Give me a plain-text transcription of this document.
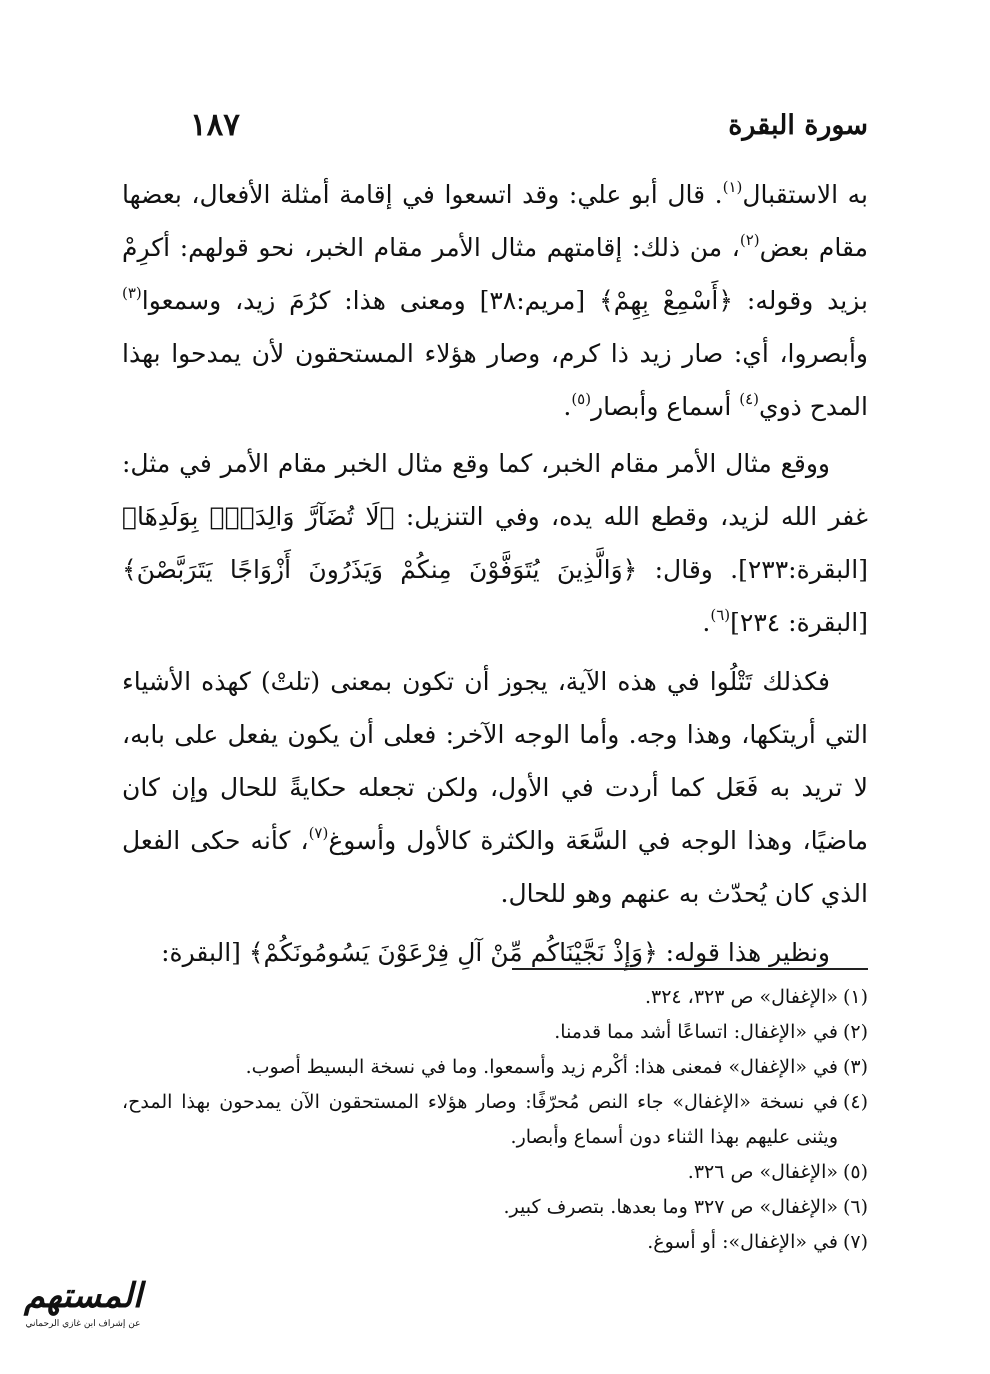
سورة البقرة
١٨٧

به الاستقبال$^{(١)}$. قال أبو علي: وقد اتسعوا في إقامة أمثلة الأفعال، بعضها مقام بعض$^{(٢)}$، من ذلك: إقامتهم مثال الأمر مقام الخبر، نحو قولهم: أكرِمْ بزيد وقوله: ﴿أَسْمِعْ بِهِمْ﴾ [مريم:٣٨] ومعنى هذا: كرُمَ زيد، وسمعوا$^{(٣)}$ وأبصروا، أي: صار زيد ذا كرم، وصار هؤلاء المستحقون لأن يمدحوا بهذا المدح ذوي$^{(٤)}$ أسماع وأبصار$^{(٥)}$.

ووقع مثال الأمر مقام الخبر، كما وقع مثال الخبر مقام الأمر في مثل: غفر الله لزيد، وقطع الله يده، وفي التنزيل: ﴿لَا تُضَآرَّ وَالِدَةٌۢ بِوَلَدِهَا﴾ [البقرة:٢٣٣]. وقال: ﴿وَالَّذِينَ يُتَوَفَّوْنَ مِنكُمْ وَيَذَرُونَ أَزْوَاجًا يَتَرَبَّصْنَ﴾ [البقرة: ٢٣٤]$^{(٦)}$.

فكذلك تَتْلُوا في هذه الآية، يجوز أن تكون بمعنى (تلتْ) كهذه الأشياء التي أريتكها، وهذا وجه. وأما الوجه الآخر: فعلى أن يكون يفعل على بابه، لا تريد به فَعَل كما أردت في الأول، ولكن تجعله حكايةً للحال وإن كان ماضيًا، وهذا الوجه في السَّعَة والكثرة كالأول وأسوغ$^{(٧)}$، كأنه حكى الفعل الذي كان يُحدّث به عنهم وهو للحال.

ونظير هذا قوله: ﴿وَإِذْ نَجَّيْنَاكُم مِّنْ آلِ فِرْعَوْنَ يَسُومُونَكُمْ﴾ [البقرة:

(١)
«الإغفال» ص ٣٢٣، ٣٢٤.
(٢)
في «الإغفال: اتساعًا أشد مما قدمنا.
(٣)
في «الإغفال» فمعنى هذا: أكْرم زيد وأسمعوا. وما في نسخة البسيط أصوب.
(٤)
في نسخة «الإغفال» جاء النص مُحرّفًا: وصار هؤلاء المستحقون الآن يمدحون بهذا المدح، ويثنى عليهم بهذا الثناء دون أسماع وأبصار.
(٥)
«الإغفال» ص ٣٢٦.
(٦)
«الإغفال» ص ٣٢٧ وما بعدها. بتصرف كبير.
(٧)
في «الإغفال»: أو أسوغ.
المستهم
عن إشراف ابن غازي الرحماني
